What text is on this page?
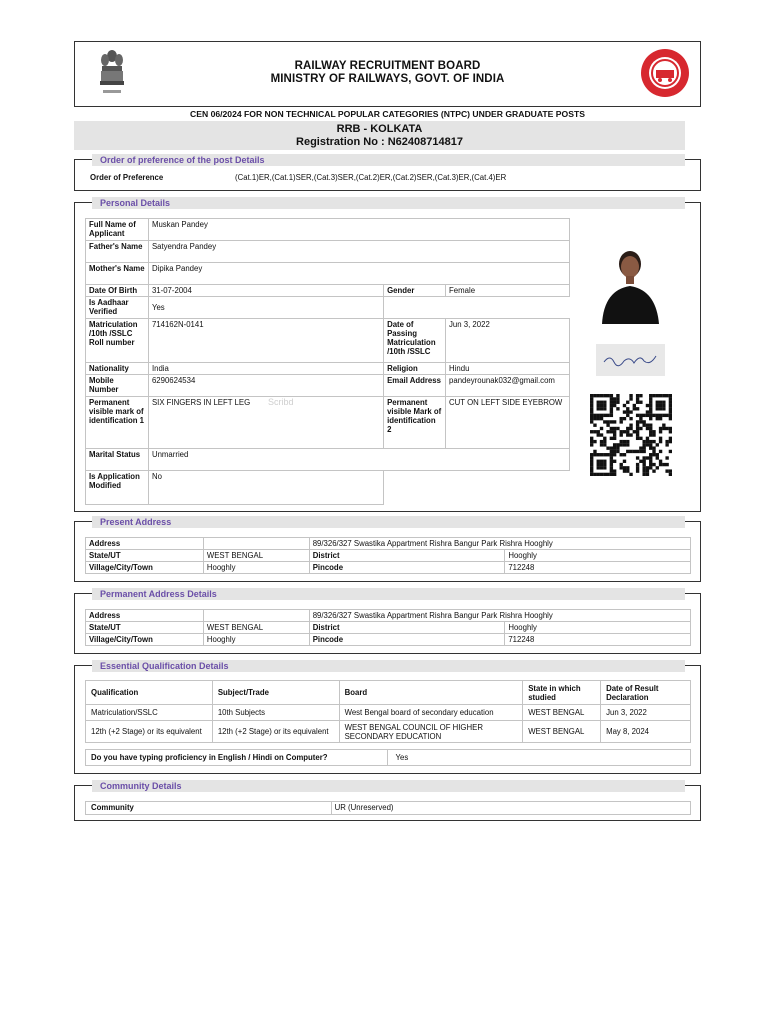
RAILWAY RECRUITMENT BOARD
MINISTRY OF RAILWAYS, GOVT. OF INDIA
CEN 06/2024 FOR NON TECHNICAL POPULAR CATEGORIES (NTPC) UNDER GRADUATE POSTS
RRB - KOLKATA
Registration No : N62408714817
Order of preference of the post Details
Order of Preference	(Cat.1)ER,(Cat.1)SER,(Cat.3)SER,(Cat.2)ER,(Cat.2)SER,(Cat.3)ER,(Cat.4)ER
Personal Details
Full Name of Applicant	Muskan Pandey		
Father's Name	Satyendra Pandey		
Mother's Name	Dipika Pandey		
Date Of Birth	31-07-2004	Gender	Female
Is Aadhaar Verified	Yes		
Matriculation /10th /SSLC Roll number	714162N-0141	Date of Passing Matriculation /10th /SSLC	Jun 3, 2022
Nationality	India	Religion	Hindu
Mobile Number	6290624534	Email Address	pandeyrounak032@gmail.com
Permanent visible mark of identification 1	SIX FINGERS IN LEFT LEG	Permanent visible Mark of identification 2	CUT ON LEFT SIDE EYEBROW
Marital Status	Unmarried		
Is Application Modified	No		
Scribd
Present Address
Address		89/326/327 Swastika Appartment Rishra Bangur Park Rishra Hooghly	
State/UT	WEST BENGAL	District	Hooghly
Village/City/Town	Hooghly	Pincode	712248
Permanent Address Details
Address		89/326/327 Swastika Appartment Rishra Bangur Park Rishra Hooghly	
State/UT	WEST BENGAL	District	Hooghly
Village/City/Town	Hooghly	Pincode	712248
Essential Qualification Details
Qualification	Subject/Trade	Board	State in which studied	Date of Result Declaration
Matriculation/SSLC	10th Subjects	West Bengal board of secondary education	WEST BENGAL	Jun 3, 2022
12th (+2 Stage) or its equivalent	12th (+2 Stage) or its equivalent	WEST BENGAL COUNCIL OF HIGHER SECONDARY EDUCATION	WEST BENGAL	May 8, 2024
Do you have typing proficiency in English / Hindi on Computer?	Yes
Community Details
Community	UR (Unreserved)
